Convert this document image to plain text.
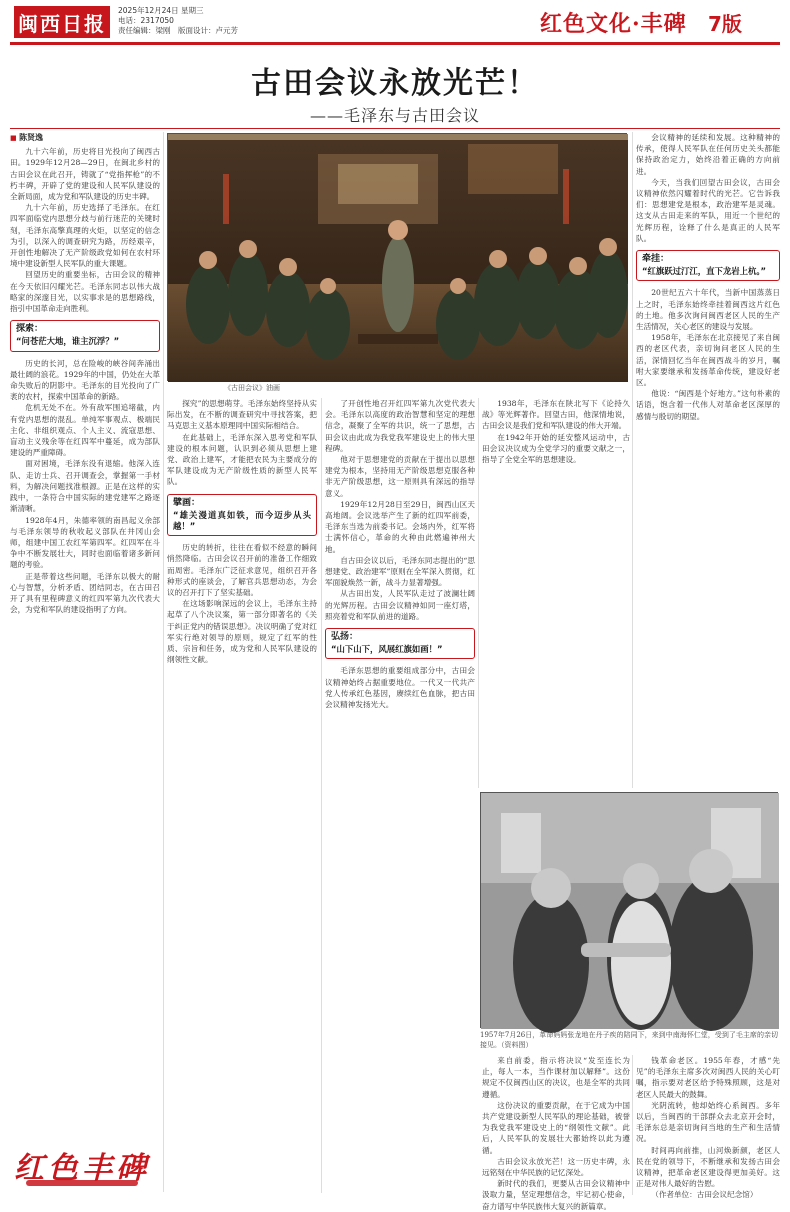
闽西日报
2025年12月24日 星期三
电话：2317050
责任编辑：梁刚　版面设计：卢元芳	红色文化·丰碑 7版
古田会议永放光芒！
——毛泽东与古田会议
■ 陈贤逸

九十六年前，历史将目光投向了闽西古田。1929年12月28—29日，在闽北乡村的古田会议在此召开，铸就了“党指挥枪”的不朽丰碑，开辟了党的建设和人民军队建设的全新局面，成为党和军队建设的历史丰碑。

九十六年前，历史选择了毛泽东。在红四军面临党内思想分歧与前行迷茫的关键时刻，毛泽东高擎真理的火炬，以坚定的信念为引，以深入的调查研究为路，历经艰辛，开创性地解决了无产阶级政党如何在农村环境中建设新型人民军队的重大课题。

回望历史的重要坐标，古田会议的精神在今天依旧闪耀光芒。毛泽东同志以伟大战略家的深邃目光，以实事求是的思想路线，指引中国革命走向胜利。

探索：
“问苍茫大地，谁主沉浮？”

历史的长河，总在险峻的峡谷间奔涌出最壮阔的浪花。1929年的中国，仍处在大革命失败后的阴影中。毛泽东的目光投向了广袤的农村，探索中国革命的新路。

危机无处不在。外有敌军围追堵截，内有党内思想的混乱。单纯军事观点、极端民主化、非组织观点、个人主义、流寇思想、盲动主义残余等在红四军中蔓延，成为部队建设的严重障碍。

面对困境，毛泽东没有退缩。他深入连队、走访士兵、召开调查会，掌握第一手材料，为解决问题找准根源。正是在这样的实践中，一条符合中国实际的建党建军之路逐渐清晰。

1928年4月，朱德率领的南昌起义余部与毛泽东领导的秋收起义部队在井冈山会师，组建中国工农红军第四军。红四军在斗争中不断发展壮大，同时也面临着诸多新问题的考验。

正是带着这些问题，毛泽东以极大的耐心与智慧，分析矛盾、团结同志，在古田召开了具有里程碑意义的红四军第九次代表大会，为党和军队的建设指明了方向。

《古田会议》油画

探究”的思想萌芽。毛泽东始终坚持从实际出发，在不断的调查研究中寻找答案，把马克思主义基本原理同中国实际相结合。

在此基础上，毛泽东深入思考党和军队建设的根本问题，认识到必须从思想上建党、政治上建军，才能把农民为主要成分的军队建设成为无产阶级性质的新型人民军队。

擘画：
“雄关漫道真如铁，而今迈步从头越！”

历史的转折，往往在看似不经意的瞬间悄然降临。古田会议召开前的准备工作细致而周密。毛泽东广泛征求意见，组织召开各种形式的座谈会，了解官兵思想动态，为会议的召开打下了坚实基础。

在这场影响深远的会议上，毛泽东主持起草了八个决议案，第一部分即著名的《关于纠正党内的错误思想》。决议明确了党对红军实行绝对领导的原则，规定了红军的性质、宗旨和任务，成为党和人民军队建设的纲领性文献。

了开创性地召开红四军第九次党代表大会。毛泽东以高度的政治智慧和坚定的理想信念，凝聚了全军的共识，统一了思想，古田会议由此成为我党我军建设史上的伟大里程碑。

他对于思想建党的贡献在于提出以思想建党为根本，坚持用无产阶级思想克服各种非无产阶级思想，这一原则具有深远的指导意义。

1929年12月28日至29日，闽西山区天高地阔。会议选举产生了新的红四军前委，毛泽东当选为前委书记。会场内外，红军将士满怀信心，革命的火种由此燃遍神州大地。

自古田会议以后，毛泽东同志提出的“思想建党、政治建军”原则在全军深入贯彻，红军面貌焕然一新，战斗力显著增强。

从古田出发，人民军队走过了波澜壮阔的光辉历程。古田会议精神如同一座灯塔，照亮着党和军队前进的道路。

弘扬：
“山下山下，风展红旗如画！”

毛泽东思想的重要组成部分中，古田会议精神始终占据重要地位。一代又一代共产党人传承红色基因，赓续红色血脉，把古田会议精神发扬光大。

1938年，毛泽东在陕北写下《论持久战》等光辉著作。回望古田，他深情地说，古田会议是我们党和军队建设的伟大开端。

在1942年开始的延安整风运动中，古田会议决议成为全党学习的重要文献之一，指导了全党全军的思想建设。

会议精神的延续和发展。这种精神的传承，使得人民军队在任何历史关头都能保持政治定力，始终沿着正确的方向前进。

今天，当我们回望古田会议，古田会议精神依然闪耀着时代的光芒。它告诉我们：思想建党是根本，政治建军是灵魂。这支从古田走来的军队，用近一个世纪的光辉历程，诠释了什么是真正的人民军队。

牵挂：
“红旗跃过汀江，直下龙岩上杭。”

20世纪五六十年代，当新中国蒸蒸日上之时，毛泽东始终牵挂着闽西这片红色的土地。他多次询问闽西老区人民的生产生活情况，关心老区的建设与发展。

1958年，毛泽东在北京接见了来自闽西的老区代表，亲切询问老区人民的生活，深情回忆当年在闽西战斗的岁月，嘱咐大家要继承和发扬革命传统，建设好老区。

他说：“闽西是个好地方。”这句朴素的话语，饱含着一代伟人对革命老区深厚的感情与殷切的期望。

1957年7月26日，革命妈妈张龙地在丹子疾的陪同下，来到中南海怀仁堂，受到了毛主席的亲切接见。（资料图）

来自前委，指示将决议“发至连长为止，每人一本，当作课材加以解释”。这份规定不仅闽西山区的决议，也是全军的共同遵循。

这份决议的重要贡献，在于它成为中国共产党建设新型人民军队的理论基础，被誉为我党我军建设史上的“纲领性文献”。此后，人民军队的发展壮大都始终以此为遵循。

古田会议永放光芒！这一历史丰碑，永远铭刻在中华民族的记忆深处。

新时代的我们，更要从古田会议精神中汲取力量，坚定理想信念，牢记初心使命，奋力谱写中华民族伟大复兴的新篇章。

钱革命老区。1955年春，才感“先见”的毛泽东主席多次对闽西人民的关心叮嘱，指示要对老区给予特殊照顾，这是对老区人民最大的鼓舞。

光阴流转，他却始终心系闽西。多年以后，当闽西的干部群众去北京开会时，毛泽东总是亲切询问当地的生产和生活情况。

时间再向前推，山河焕新颜，老区人民在党的领导下，不断继承和发扬古田会议精神，把革命老区建设得更加美好。这正是对伟人最好的告慰。

（作者单位：古田会议纪念馆）

红色丰碑
